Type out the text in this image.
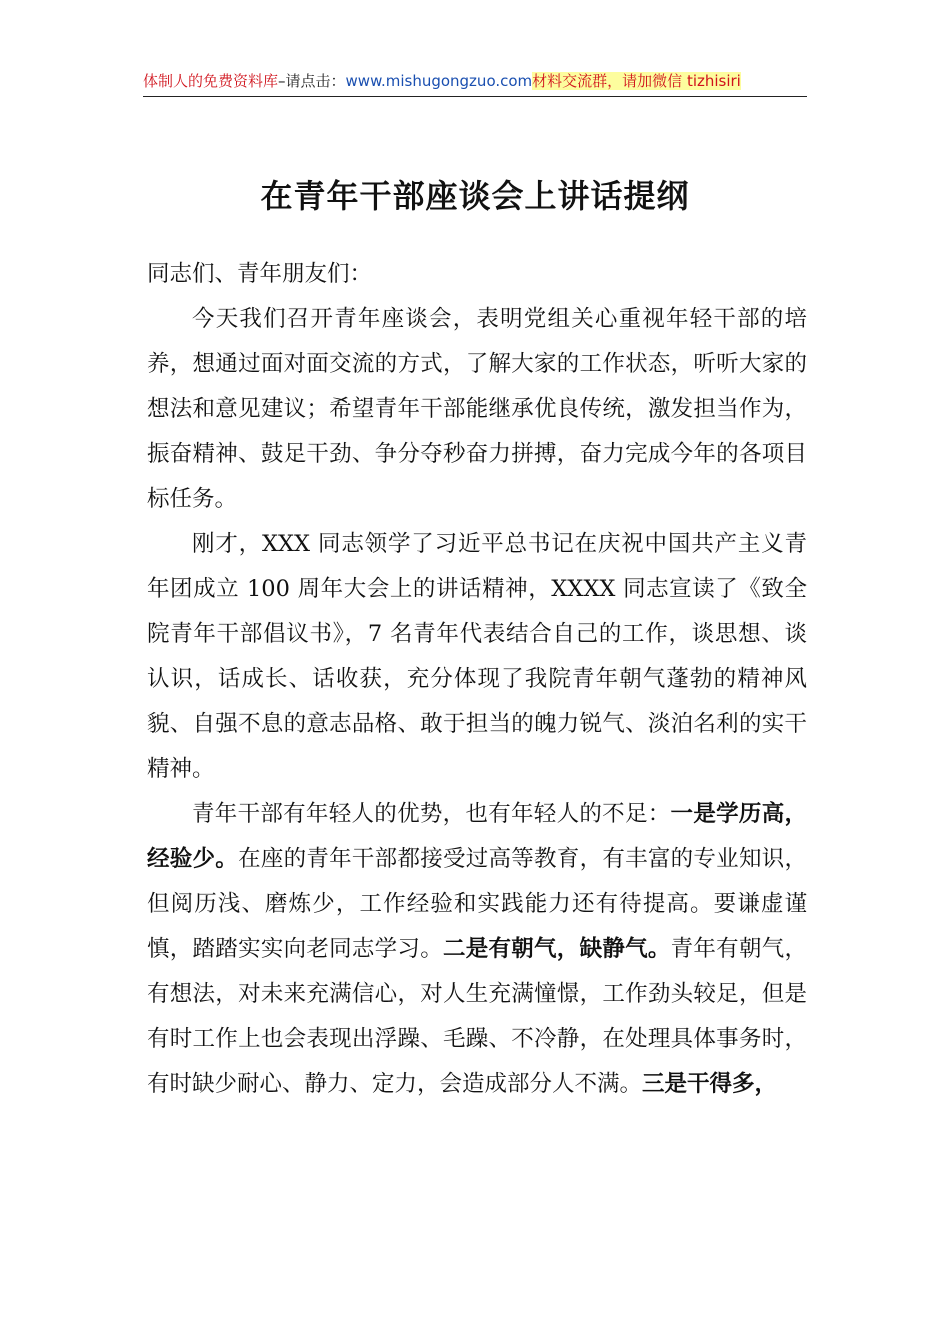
体制人的免费资料库–请点击：www.mishugongzuo.com材料交流群，请加微信 tizhisiri
在青年干部座谈会上讲话提纲

同志们、青年朋友们：

今天我们召开青年座谈会，表明党组关心重视年轻干部的培养，想通过面对面交流的方式，了解大家的工作状态，听听大家的想法和意见建议；希望青年干部能继承优良传统，激发担当作为，振奋精神、鼓足干劲、争分夺秒奋力拼搏，奋力完成今年的各项目标任务。

刚才，XXX 同志领学了习近平总书记在庆祝中国共产主义青年团成立 100 周年大会上的讲话精神，XXXX 同志宣读了《致全院青年干部倡议书》，7 名青年代表结合自己的工作，谈思想、谈认识，话成长、话收获，充分体现了我院青年朝气蓬勃的精神风貌、自强不息的意志品格、敢于担当的魄力锐气、淡泊名利的实干精神。

青年干部有年轻人的优势，也有年轻人的不足：一是学历高，经验少。在座的青年干部都接受过高等教育，有丰富的专业知识，但阅历浅、磨炼少，工作经验和实践能力还有待提高。要谦虚谨慎，踏踏实实向老同志学习。二是有朝气，缺静气。青年有朝气，有想法，对未来充满信心，对人生充满憧憬，工作劲头较足，但是有时工作上也会表现出浮躁、毛躁、不冷静，在处理具体事务时，有时缺少耐心、静力、定力，会造成部分人不满。三是干得多，
